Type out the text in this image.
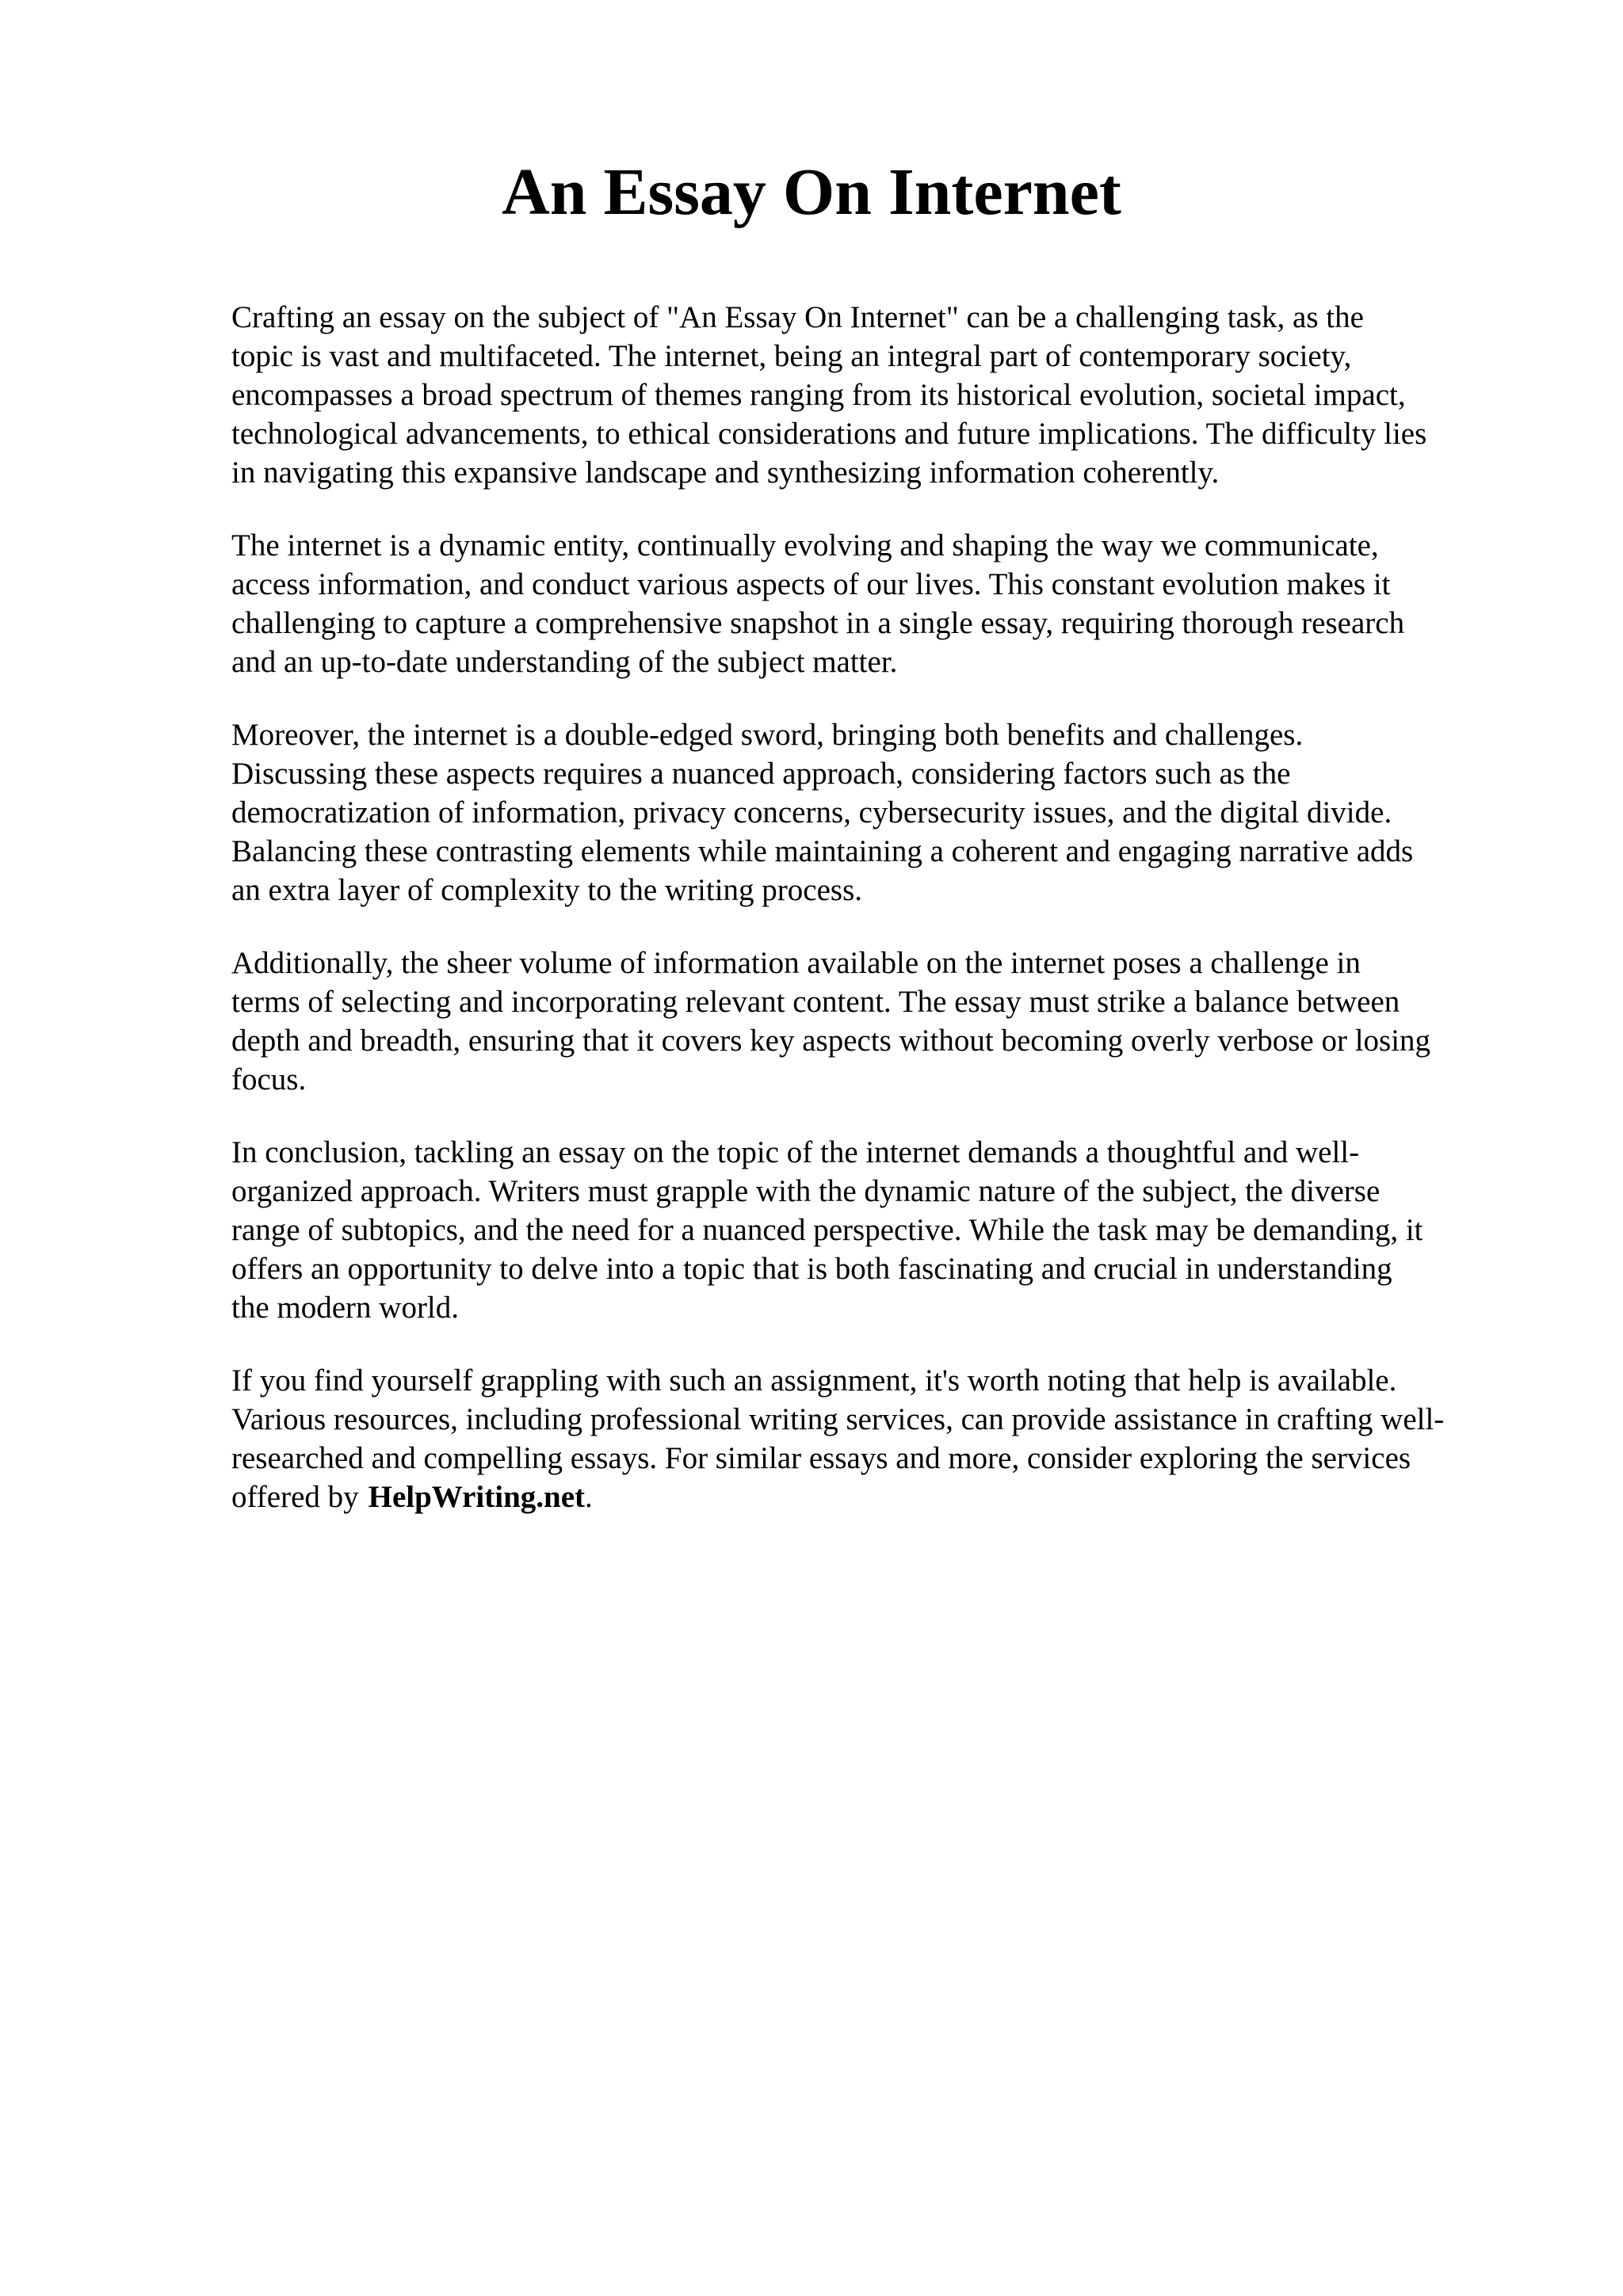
An Essay On Internet

Crafting an essay on the subject of "An Essay On Internet" can be a challenging task, as the
topic is vast and multifaceted. The internet, being an integral part of contemporary society,
encompasses a broad spectrum of themes ranging from its historical evolution, societal impact,
technological advancements, to ethical considerations and future implications. The difficulty lies
in navigating this expansive landscape and synthesizing information coherently.

The internet is a dynamic entity, continually evolving and shaping the way we communicate,
access information, and conduct various aspects of our lives. This constant evolution makes it
challenging to capture a comprehensive snapshot in a single essay, requiring thorough research
and an up-to-date understanding of the subject matter.

Moreover, the internet is a double-edged sword, bringing both benefits and challenges.
Discussing these aspects requires a nuanced approach, considering factors such as the
democratization of information, privacy concerns, cybersecurity issues, and the digital divide.
Balancing these contrasting elements while maintaining a coherent and engaging narrative adds
an extra layer of complexity to the writing process.

Additionally, the sheer volume of information available on the internet poses a challenge in
terms of selecting and incorporating relevant content. The essay must strike a balance between
depth and breadth, ensuring that it covers key aspects without becoming overly verbose or losing
focus.

In conclusion, tackling an essay on the topic of the internet demands a thoughtful and well-
organized approach. Writers must grapple with the dynamic nature of the subject, the diverse
range of subtopics, and the need for a nuanced perspective. While the task may be demanding, it
offers an opportunity to delve into a topic that is both fascinating and crucial in understanding
the modern world.

If you find yourself grappling with such an assignment, it's worth noting that help is available.
Various resources, including professional writing services, can provide assistance in crafting well-
researched and compelling essays. For similar essays and more, consider exploring the services
offered by HelpWriting.net.
